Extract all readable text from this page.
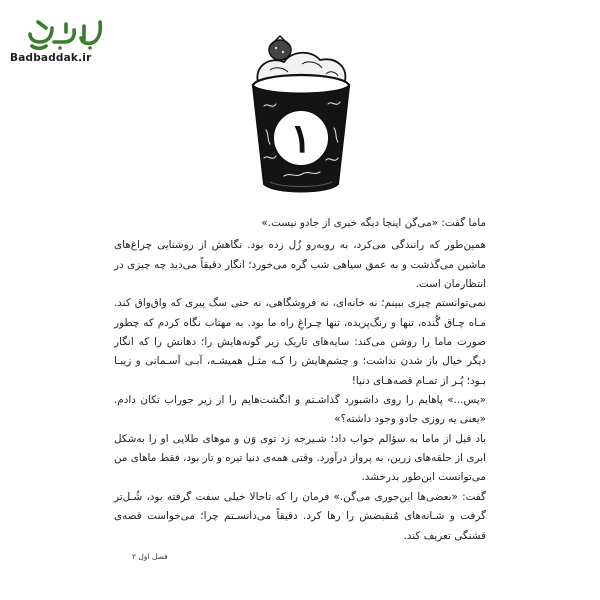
Badbaddak.ir
۱

ماما گفت: «می‌گن اینجا دیگه خبری از جادو نیست.»

همین‌طور که رانندگی می‌کرد، به روبه‌رو زُل زده بود. نگاهش از روشنایی چراغ‌های ماشین می‌گذشت و به عمق سیاهی شب گره می‌خورد؛ انگار دقیقاً می‌دید چه چیزی در انتظارمان است.

نمی‌توانستم چیزی ببینم؛ نه خانه‌ای، نه فروشگاهی، نه حتی سگ پیری که واق‌واق کند. مـاه چـاق گُنده، تنها و رنگ‌پریده، تنها چـراغِ راه ما بود. به مهتاب نگاه کردم که چطور صورت ماما را روشن می‌کند: سایه‌های تاریک زیر گونه‌هایش را؛ دهانش را که انگار دیگر خیال باز شدن نداشت؛ و چشم‌هایش را کـه مثـل همیشـه، آبـی آسـمانی و زیبـا بـود؛ پُـر از تمـام قصه‌هـای دنیا!

«پس...» پاهایم را روی داشبورد گذاشـتم و انگشت‌هایم را از زیر جوراب تکان دادم. «یعنی یه روزی جادو وجود داشته؟»

باد قبل از ماما به سؤالم جواب داد؛ شـیرجه زد توی وَن و موهای طلایی او را به‌شکل ابری از حلقه‌های زرین، به پرواز درآورد. وقتی همه‌ی دنیا تیره و تار بود، فقط ماهای من می‌توانست این‌طور بدرخشد.

گفت: «بعضی‌ها این‌جوری می‌گن.» فرمان را که تاحالا خیلی سفت گرفته بود، شُـل‌تر گرفت و شـانه‌های مُنقبضش را رها کرد. دقیقاً می‌دانسـتم چرا؛ می‌خواست قصه‌ی قشنگی تعریف کند.

فصل اول ۲
